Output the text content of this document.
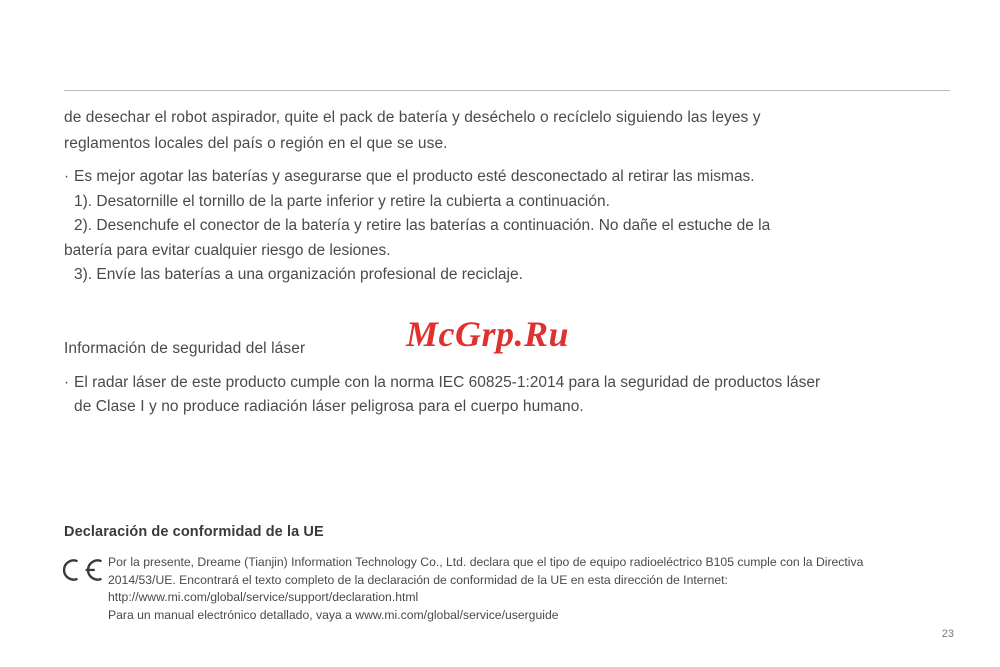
de desechar el robot aspirador, quite el pack de batería y deséchelo o recíclelo siguiendo las leyes y

reglamentos locales del país o región en el que se use.

· Es mejor agotar las baterías y asegurarse que el producto esté desconectado al retirar las mismas.
1). Desatornille el tornillo de la parte inferior y retire la cubierta a continuación.
2). Desenchufe el conector de la batería y retire las baterías a continuación. No dañe el estuche de la
batería para evitar cualquier riesgo de lesiones.
3). Envíe las baterías a una organización profesional de reciclaje.
Información de seguridad del láser	McGrp.Ru
· El radar láser de este producto cumple con la norma IEC 60825-1:2014 para la seguridad de productos láser
de Clase I y no produce radiación láser peligrosa para el cuerpo humano.
Declaración de conformidad de la UE
Por la presente, Dreame (Tianjin) Information Technology Co., Ltd. declara que el tipo de equipo radioeléctrico B105 cumple con la Directiva
2014/53/UE. Encontrará el texto completo de la declaración de conformidad de la UE en esta dirección de Internet:
http://www.mi.com/global/service/support/declaration.html
Para un manual electrónico detallado, vaya a www.mi.com/global/service/userguide
23
